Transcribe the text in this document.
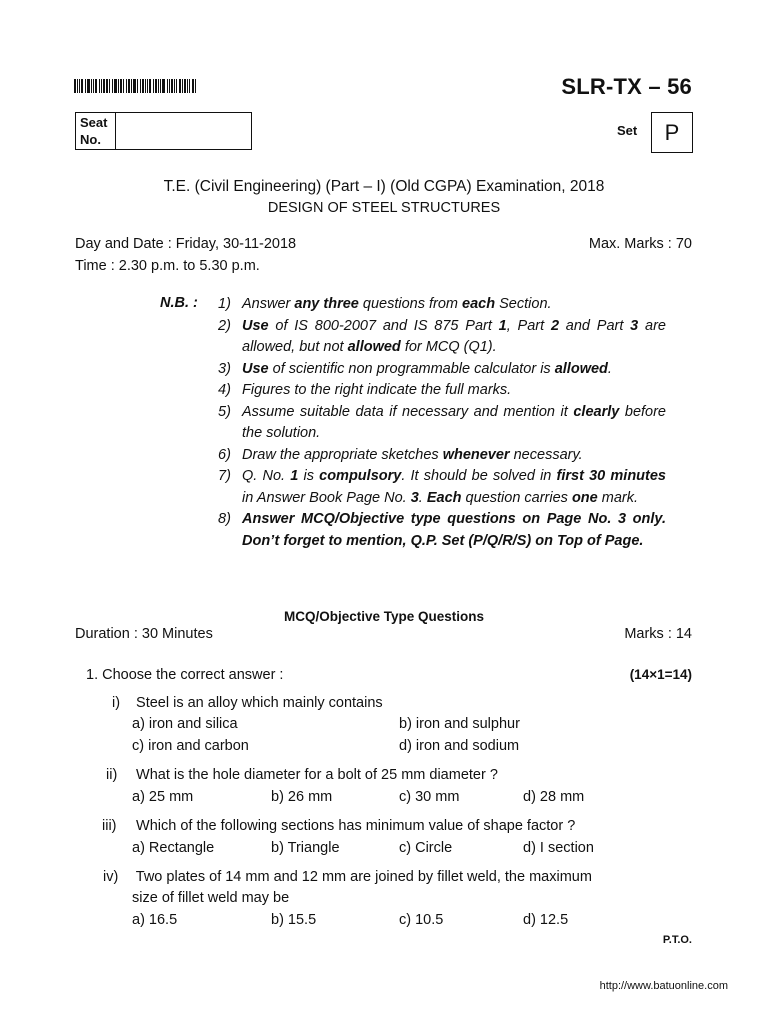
SLR-TX – 56
Seat No.
Set	P
T.E. (Civil Engineering) (Part – I) (Old CGPA) Examination, 2018
DESIGN OF STEEL STRUCTURES
Day and Date : Friday, 30-11-2018
Time : 2.30 p.m. to 5.30 p.m.
Max. Marks : 70
N.B. : 1) Answer any three questions from each Section.
2) Use of IS 800-2007 and IS 875 Part 1, Part 2 and Part 3 are allowed, but not allowed for MCQ (Q1).
3) Use of scientific non programmable calculator is allowed.
4) Figures to the right indicate the full marks.
5) Assume suitable data if necessary and mention it clearly before the solution.
6) Draw the appropriate sketches whenever necessary.
7) Q. No. 1 is compulsory. It should be solved in first 30 minutes in Answer Book Page No. 3. Each question carries one mark.
8) Answer MCQ/Objective type questions on Page No. 3 only. Don’t forget to mention, Q.P. Set (P/Q/R/S) on Top of Page.
MCQ/Objective Type Questions
Duration : 30 Minutes	Marks : 14
1. Choose the correct answer :	(14×1=14)
i) Steel is an alloy which mainly contains
a) iron and silica	b) iron and sulphur
c) iron and carbon	d) iron and sodium
ii) What is the hole diameter for a bolt of 25 mm diameter ?
a) 25 mm	b) 26 mm	c) 30 mm	d) 28 mm
iii) Which of the following sections has minimum value of shape factor ?
a) Rectangle	b) Triangle	c) Circle	d) I section
iv) Two plates of 14 mm and 12 mm are joined by fillet weld, the maximum
size of fillet weld may be
a) 16.5	b) 15.5	c) 10.5	d) 12.5
P.T.O.
http://www.batuonline.com
